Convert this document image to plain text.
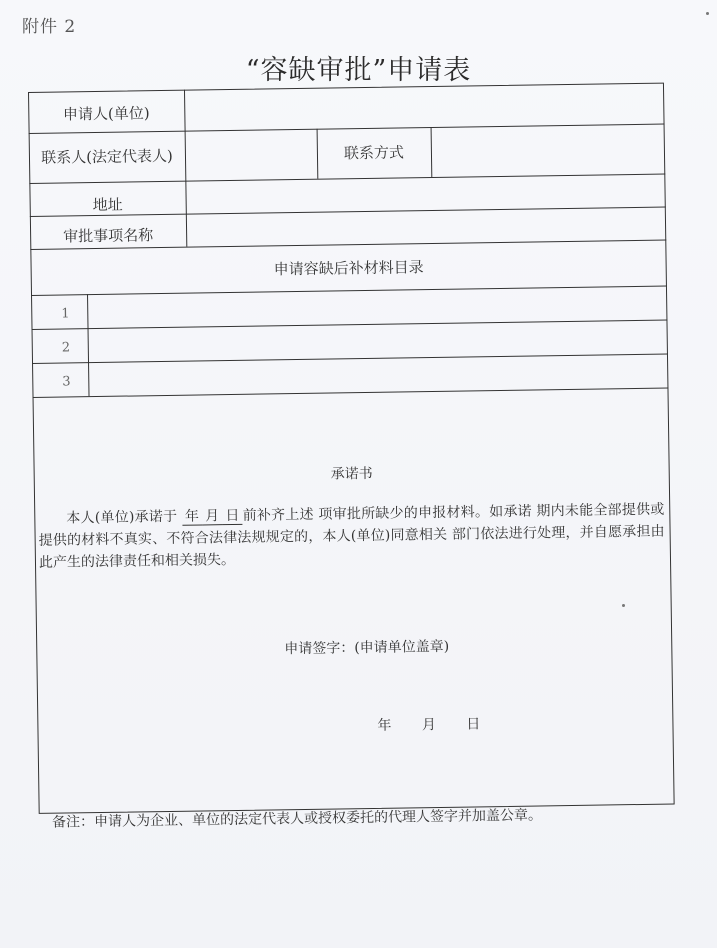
附件 2
“容缺审批”申请表
申请人(单位)
联系人(法定代表人)	联系方式
地址
审批事项名称
申请容缺后补材料目录
1
2
3
承诺书
本人(单位)承诺于 年 月 日 前补齐上述 项审批所缺少的申报材料。如承诺 期内未能全部提供或提供的材料不真实、不符合法律法规规定的，本人(单位)同意相关 部门依法进行处理，并自愿承担由此产生的法律责任和相关损失。
申请签字：(申请单位盖章)
年 月 日
备注：申请人为企业、单位的法定代表人或授权委托的代理人签字并加盖公章。
